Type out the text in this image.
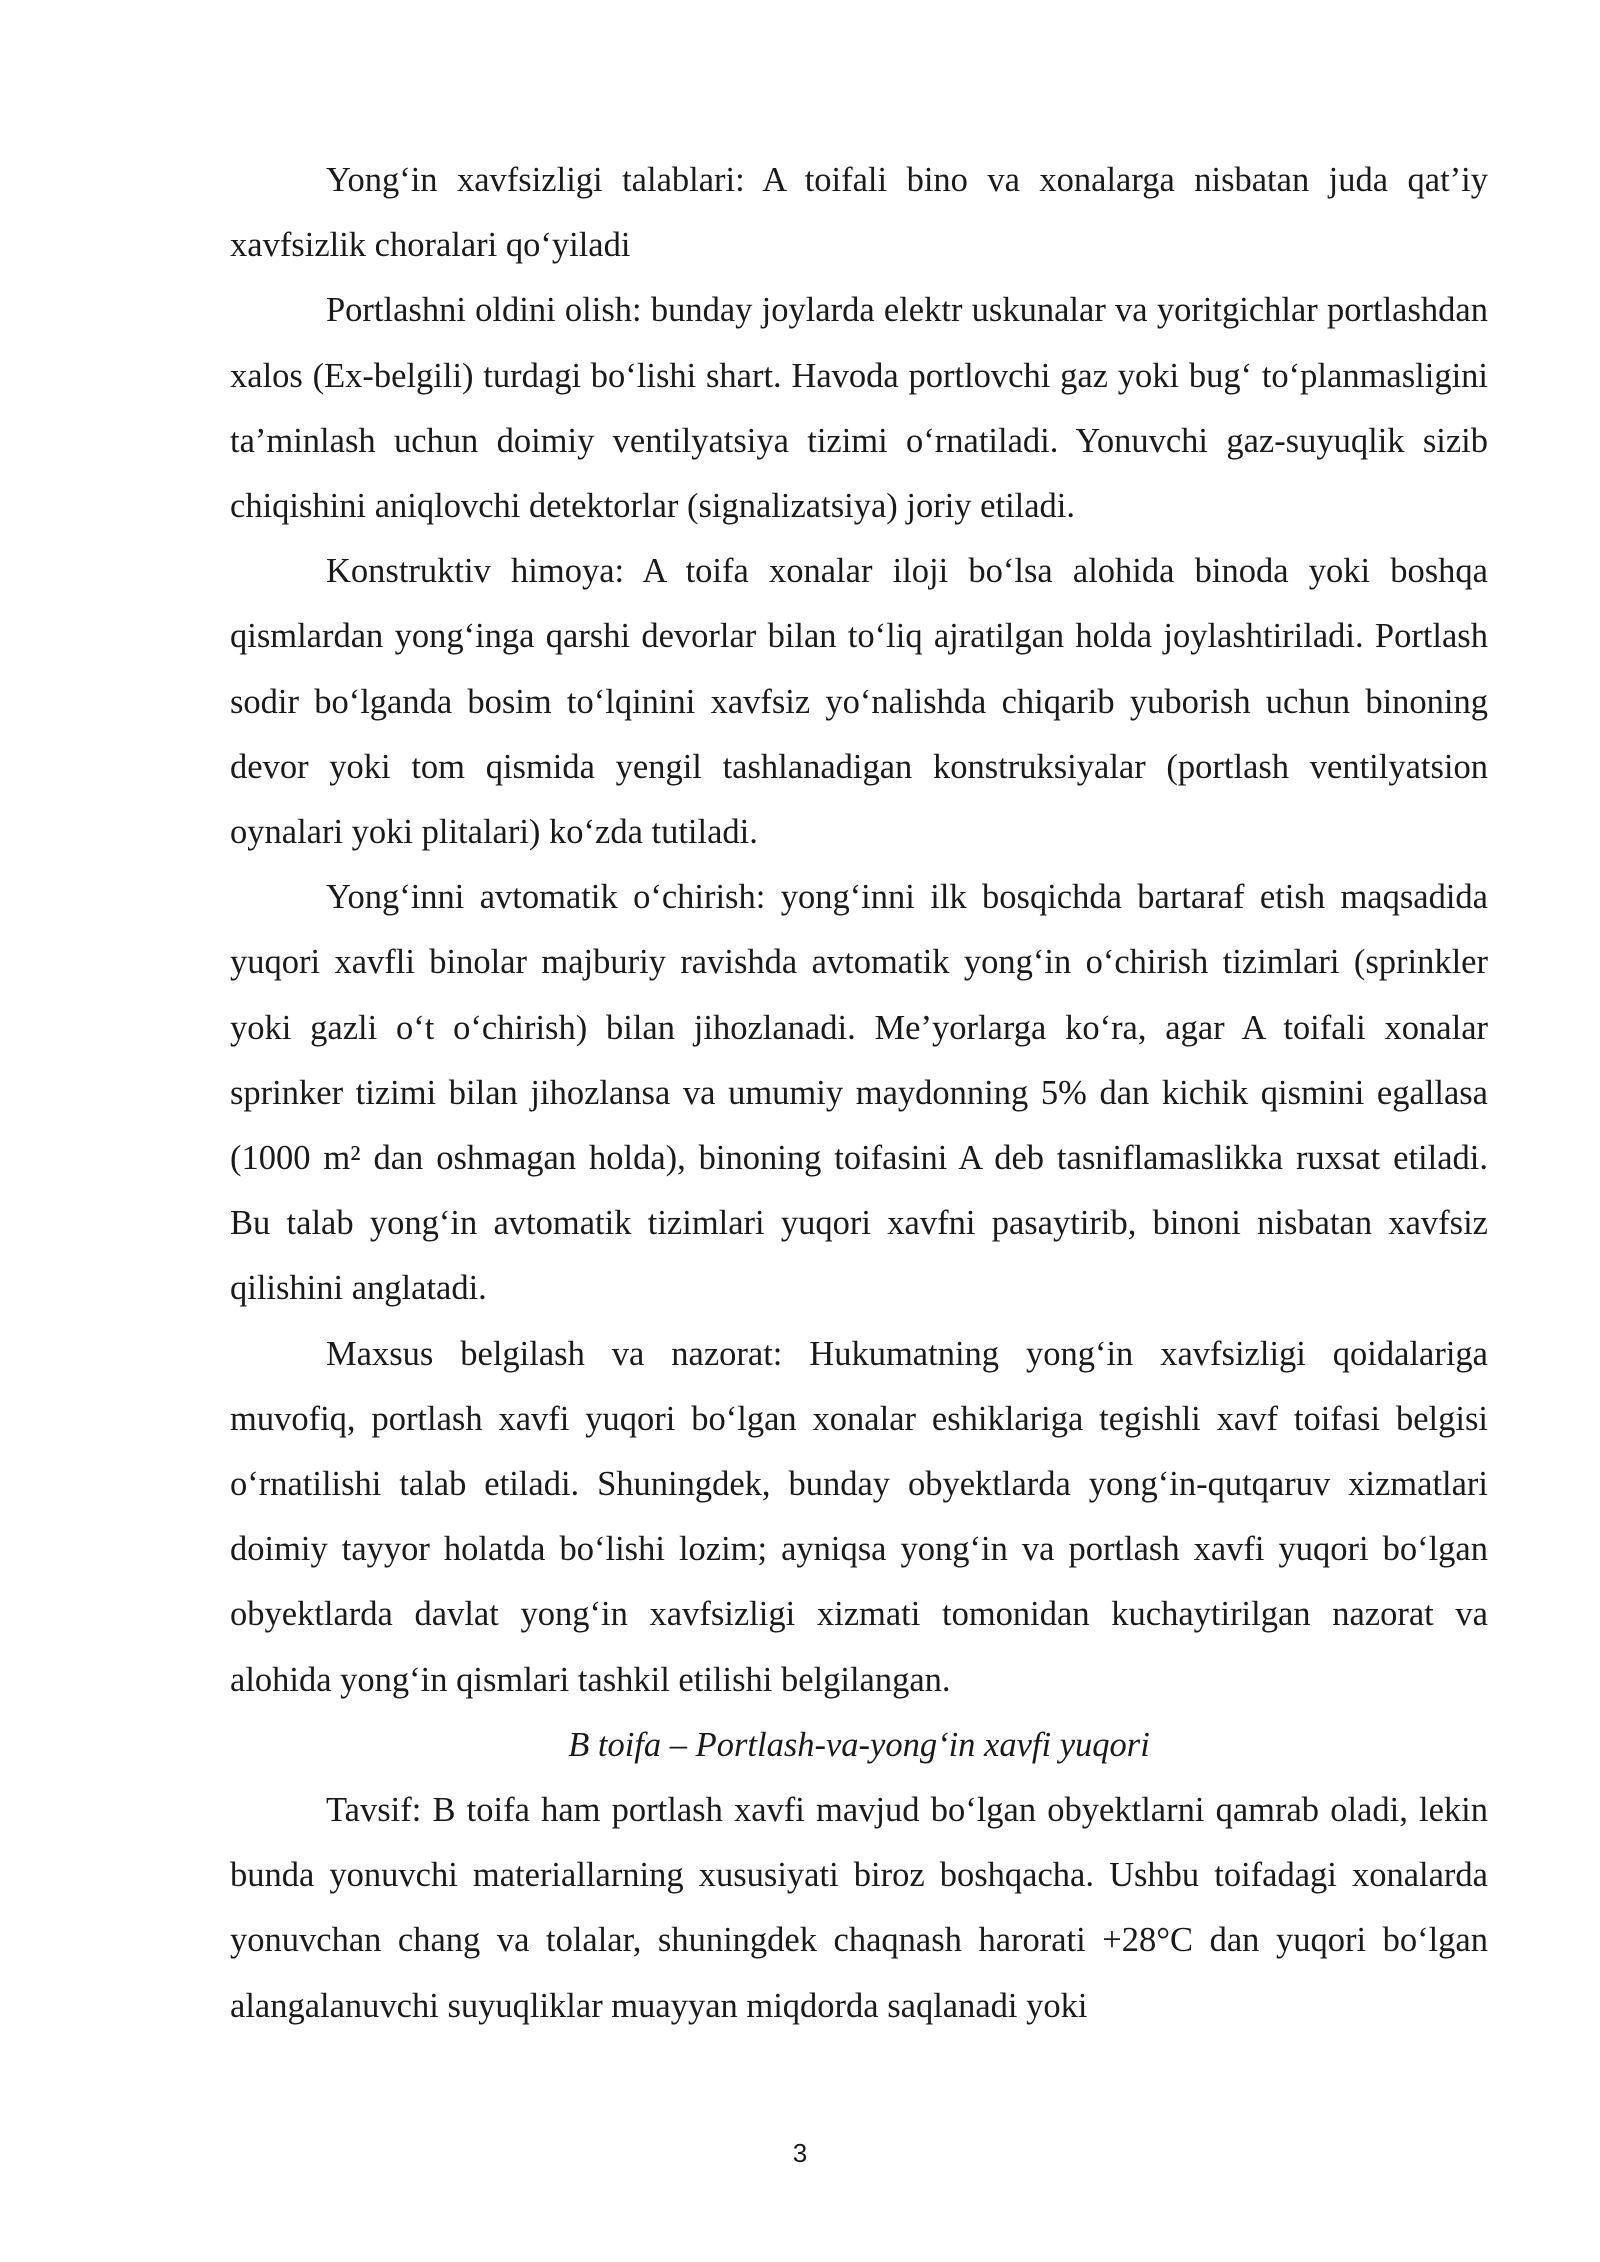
Yong‘in xavfsizligi talablari: A toifali bino va xonalarga nisbatan juda qat’iy xavfsizlik choralari qo‘yiladi

Portlashni oldini olish: bunday joylarda elektr uskunalar va yoritgichlar portlashdan xalos (Ex-belgili) turdagi bo‘lishi shart. Havoda portlovchi gaz yoki bug‘ to‘planmasligini ta’minlash uchun doimiy ventilyatsiya tizimi o‘rnatiladi. Yonuvchi gaz-suyuqlik sizib chiqishini aniqlovchi detektorlar (signalizatsiya) joriy etiladi.

Konstruktiv himoya: A toifa xonalar iloji bo‘lsa alohida binoda yoki boshqa qismlardan yong‘inga qarshi devorlar bilan to‘liq ajratilgan holda joylashtiriladi. Portlash sodir bo‘lganda bosim to‘lqinini xavfsiz yo‘nalishda chiqarib yuborish uchun binoning devor yoki tom qismida yengil tashlanadigan konstruksiyalar (portlash ventilyatsion oynalari yoki plitalari) ko‘zda tutiladi.

Yong‘inni avtomatik o‘chirish: yong‘inni ilk bosqichda bartaraf etish maqsadida yuqori xavfli binolar majburiy ravishda avtomatik yong‘in o‘chirish tizimlari (sprinkler yoki gazli o‘t o‘chirish) bilan jihozlanadi. Me’yorlarga ko‘ra, agar A toifali xonalar sprinker tizimi bilan jihozlansa va umumiy maydonning 5% dan kichik qismini egallasa (1000 m² dan oshmagan holda), binoning toifasini A deb tasniflamaslikka ruxsat etiladi. Bu talab yong‘in avtomatik tizimlari yuqori xavfni pasaytirib, binoni nisbatan xavfsiz qilishini anglatadi.

Maxsus belgilash va nazorat: Hukumatning yong‘in xavfsizligi qoidalariga muvofiq, portlash xavfi yuqori bo‘lgan xonalar eshiklariga tegishli xavf toifasi belgisi o‘rnatilishi talab etiladi. Shuningdek, bunday obyektlarda yong‘in-qutqaruv xizmatlari doimiy tayyor holatda bo‘lishi lozim; ayniqsa yong‘in va portlash xavfi yuqori bo‘lgan obyektlarda davlat yong‘in xavfsizligi xizmati tomonidan kuchaytirilgan nazorat va alohida yong‘in qismlari tashkil etilishi belgilangan.

B toifa – Portlash-va-yong‘in xavfi yuqori

Tavsif: B toifa ham portlash xavfi mavjud bo‘lgan obyektlarni qamrab oladi, lekin bunda yonuvchi materiallarning xususiyati biroz boshqacha. Ushbu toifadagi xonalarda yonuvchan chang va tolalar, shuningdek chaqnash harorati +28°C dan yuqori bo‘lgan alangalanuvchi suyuqliklar muayyan miqdorda saqlanadi yoki

3
